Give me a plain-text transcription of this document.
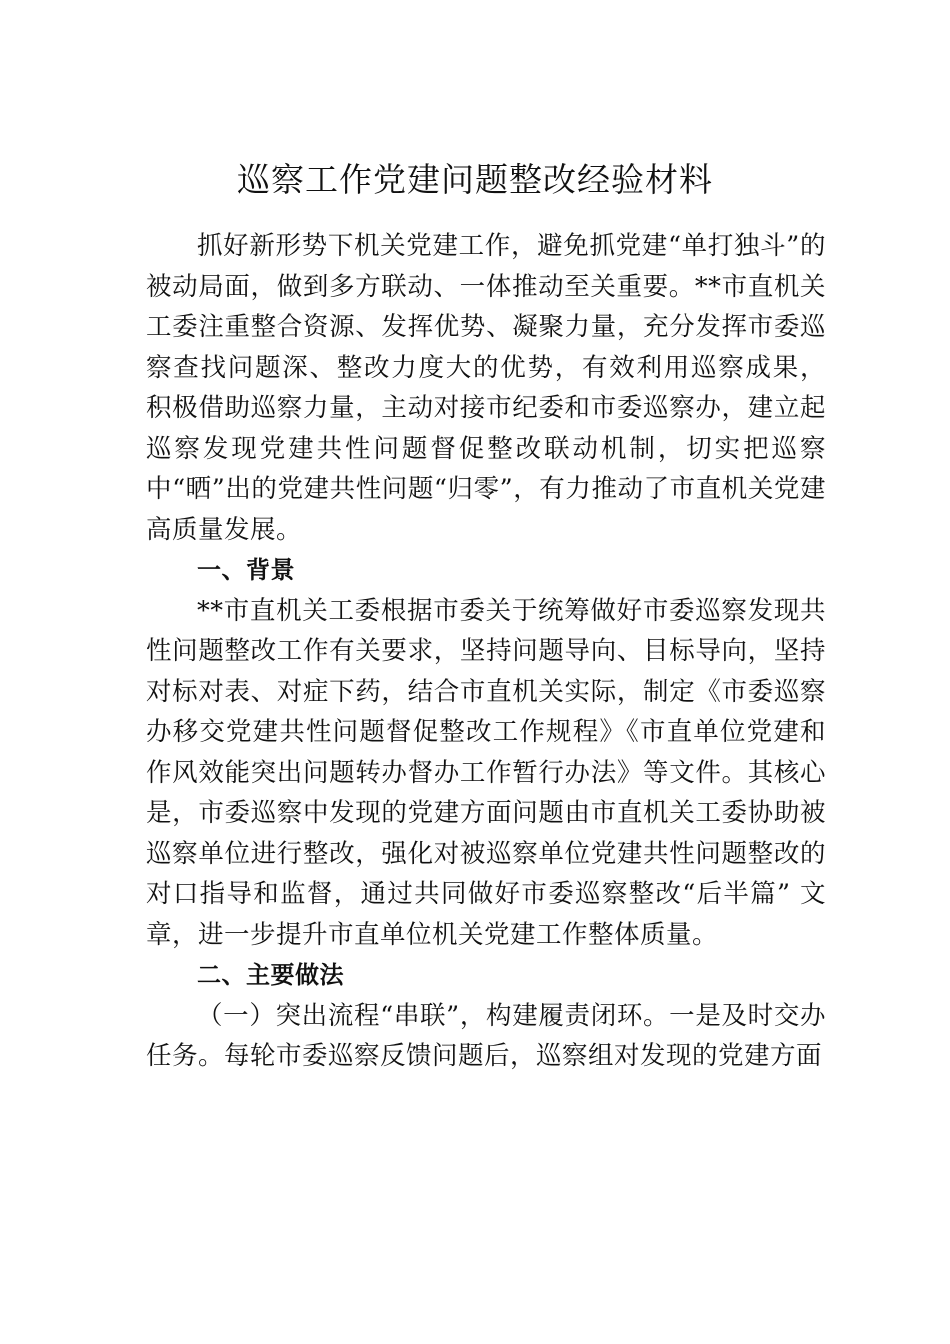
巡察工作党建问题整改经验材料

抓好新形势下机关党建工作，避免抓党建“单打独斗”的被动局面，做到多方联动、一体推动至关重要。**市直机关工委注重整合资源、发挥优势、凝聚力量，充分发挥市委巡察查找问题深、整改力度大的优势，有效利用巡察成果， 积极借助巡察力量，主动对接市纪委和市委巡察办，建立起巡察发现党建共性问题督促整改联动机制，切实把巡察中“晒”出的党建共性问题“归零”，有力推动了市直机关党建高质量发展。

一、背景

**市直机关工委根据市委关于统筹做好市委巡察发现共性问题整改工作有关要求，坚持问题导向、目标导向，坚持对标对表、对症下药，结合市直机关实际，制定《市委巡察办移交党建共性问题督促整改工作规程》《市直单位党建和作风效能突出问题转办督办工作暂行办法》等文件。其核心是，市委巡察中发现的党建方面问题由市直机关工委协助被巡察单位进行整改，强化对被巡察单位党建共性问题整改的对口指导和监督，通过共同做好市委巡察整改“后半篇” 文章，进一步提升市直单位机关党建工作整体质量。

二、主要做法

（一）突出流程“串联”，构建履责闭环。一是及时交办任务。每轮市委巡察反馈问题后，巡察组对发现的党建方面
